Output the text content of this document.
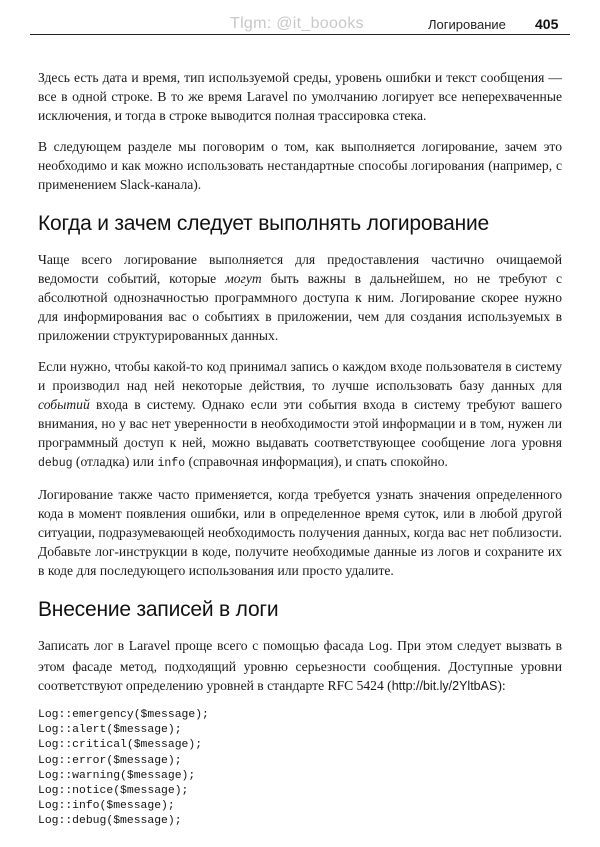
Tlgm: @it_boooks	Логирование 405

Здесь есть дата и время, тип используемой среды, уровень ошибки и текст сообщения — все в одной строке. В то же время Laravel по умолчанию логирует все неперехваченные исключения, и тогда в строке выводится полная трассировка стека.

В следующем разделе мы поговорим о том, как выполняется логирование, зачем это необходимо и как можно использовать нестандартные способы логирования (например, с применением Slack-канала).

Когда и зачем следует выполнять логирование

Чаще всего логирование выполняется для предоставления частично очищаемой ведомости событий, которые могут быть важны в дальнейшем, но не требуют с абсолютной однозначностью программного доступа к ним. Логирование скорее нужно для информирования вас о событиях в приложении, чем для создания используемых в приложении структурированных данных.

Если нужно, чтобы какой-то код принимал запись о каждом входе пользователя в систему и производил над ней некоторые действия, то лучше использовать базу данных для событий входа в систему. Однако если эти события входа в систему требуют вашего внимания, но у вас нет уверенности в необходимости этой информации и в том, нужен ли программный доступ к ней, можно выдавать соответствующее сообщение лога уровня debug (отладка) или info (справочная информация), и спать спокойно.

Логирование также часто применяется, когда требуется узнать значения определенного кода в момент появления ошибки, или в определенное время суток, или в любой другой ситуации, подразумевающей необходимость получения данных, когда вас нет поблизости. Добавьте лог-инструкции в коде, получите необходимые данные из логов и сохраните их в коде для последующего использования или просто удалите.

Внесение записей в логи

Записать лог в Laravel проще всего с помощью фасада Log. При этом следует вызвать в этом фасаде метод, подходящий уровню серьезности сообщения. Доступные уровни соответствуют определению уровней в стандарте RFC 5424 (http://bit.ly/2YltbAS):

Log::emergency($message);
Log::alert($message);
Log::critical($message);
Log::error($message);
Log::warning($message);
Log::notice($message);
Log::info($message);
Log::debug($message);
